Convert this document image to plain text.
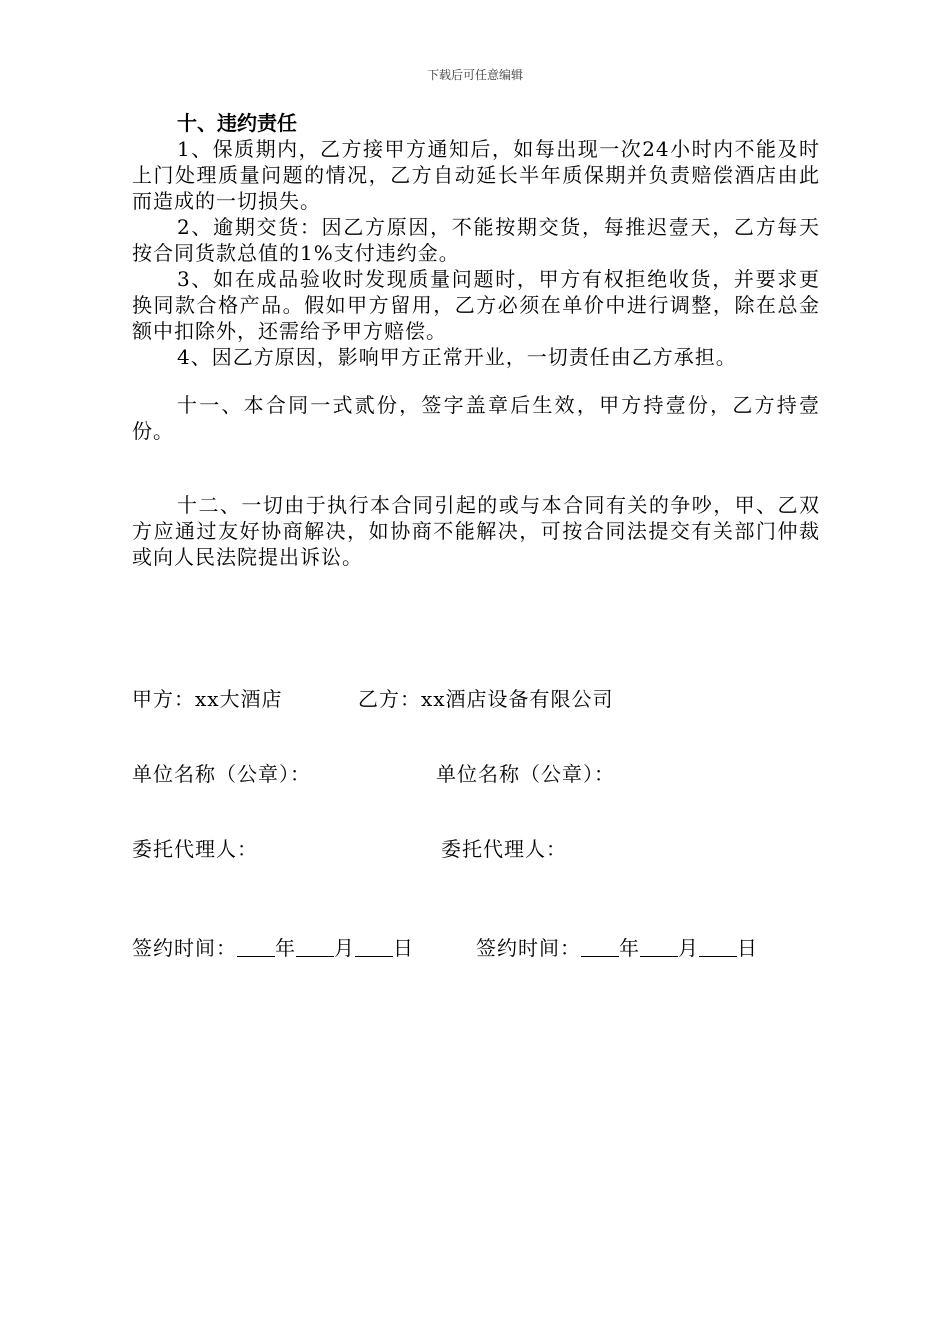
下载后可任意编辑

十、违约责任

1、保质期内，乙方接甲方通知后，如每出现一次24小时内不能及时上门处理质量问题的情况，乙方自动延长半年质保期并负责赔偿酒店由此而造成的一切损失。

2、逾期交货：因乙方原因，不能按期交货，每推迟壹天，乙方每天按合同货款总值的1%支付违约金。

3、如在成品验收时发现质量问题时，甲方有权拒绝收货，并要求更换同款合格产品。假如甲方留用，乙方必须在单价中进行调整，除在总金额中扣除外，还需给予甲方赔偿。

4、因乙方原因，影响甲方正常开业，一切责任由乙方承担。

十一、本合同一式贰份，签字盖章后生效，甲方持壹份，乙方持壹份。

十二、一切由于执行本合同引起的或与本合同有关的争吵，甲、乙双方应通过友好协商解决，如协商不能解决，可按合同法提交有关部门仲裁或向人民法院提出诉讼。

甲方：xx大酒店	乙方：xx酒店设备有限公司
单位名称（公章）：	单位名称（公章）：
委托代理人：	委托代理人：
签约时间： 年 月 日	签约时间： 年 月 日
